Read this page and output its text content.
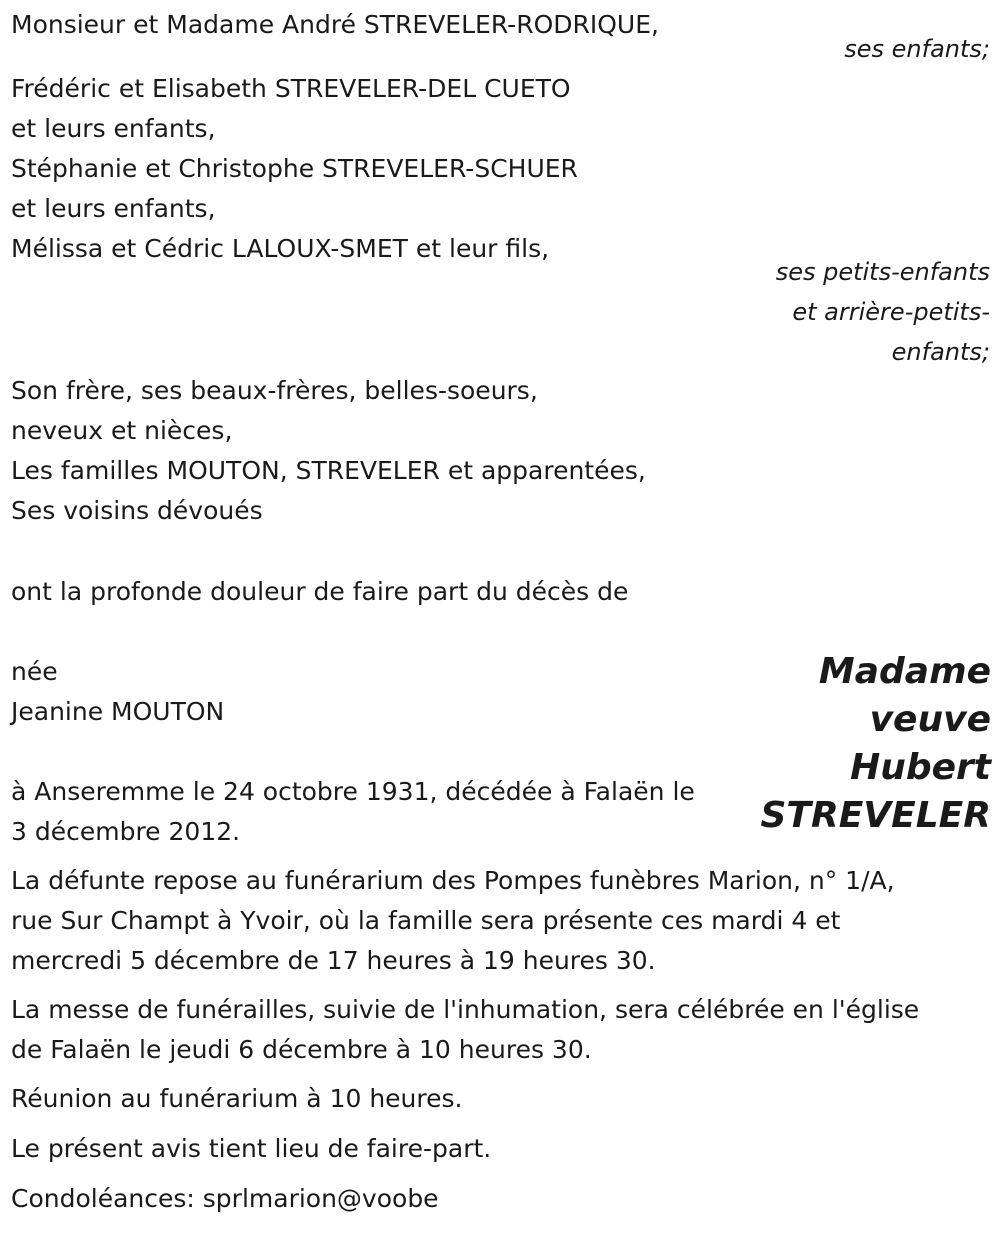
Monsieur et Madame André STREVELER-RODRIQUE,
ses enfants;
Frédéric et Elisabeth STREVELER-DEL CUETO
et leurs enfants,
Stéphanie et Christophe STREVELER-SCHUER
et leurs enfants,
Mélissa et Cédric LALOUX-SMET et leur fils,
ses petits-enfants
et arrière-petits-
enfants;
Son frère, ses beaux-frères, belles-soeurs,
neveux et nièces,
Les familles MOUTON, STREVELER et apparentées,
Ses voisins dévoués
ont la profonde douleur de faire part du décès de
Madame
veuve
Hubert
STREVELER
née
Jeanine MOUTON
à Anseremme le 24 octobre 1931, décédée à Falaën le
3 décembre 2012.
La défunte repose au funérarium des Pompes funèbres Marion, n° 1/A,
rue Sur Champt à Yvoir, où la famille sera présente ces mardi 4 et
mercredi 5 décembre de 17 heures à 19 heures 30.
La messe de funérailles, suivie de l'inhumation, sera célébrée en l'église
de Falaën le jeudi 6 décembre à 10 heures 30.
Réunion au funérarium à 10 heures.
Le présent avis tient lieu de faire-part.
Condoléances: sprlmarion@voobe
